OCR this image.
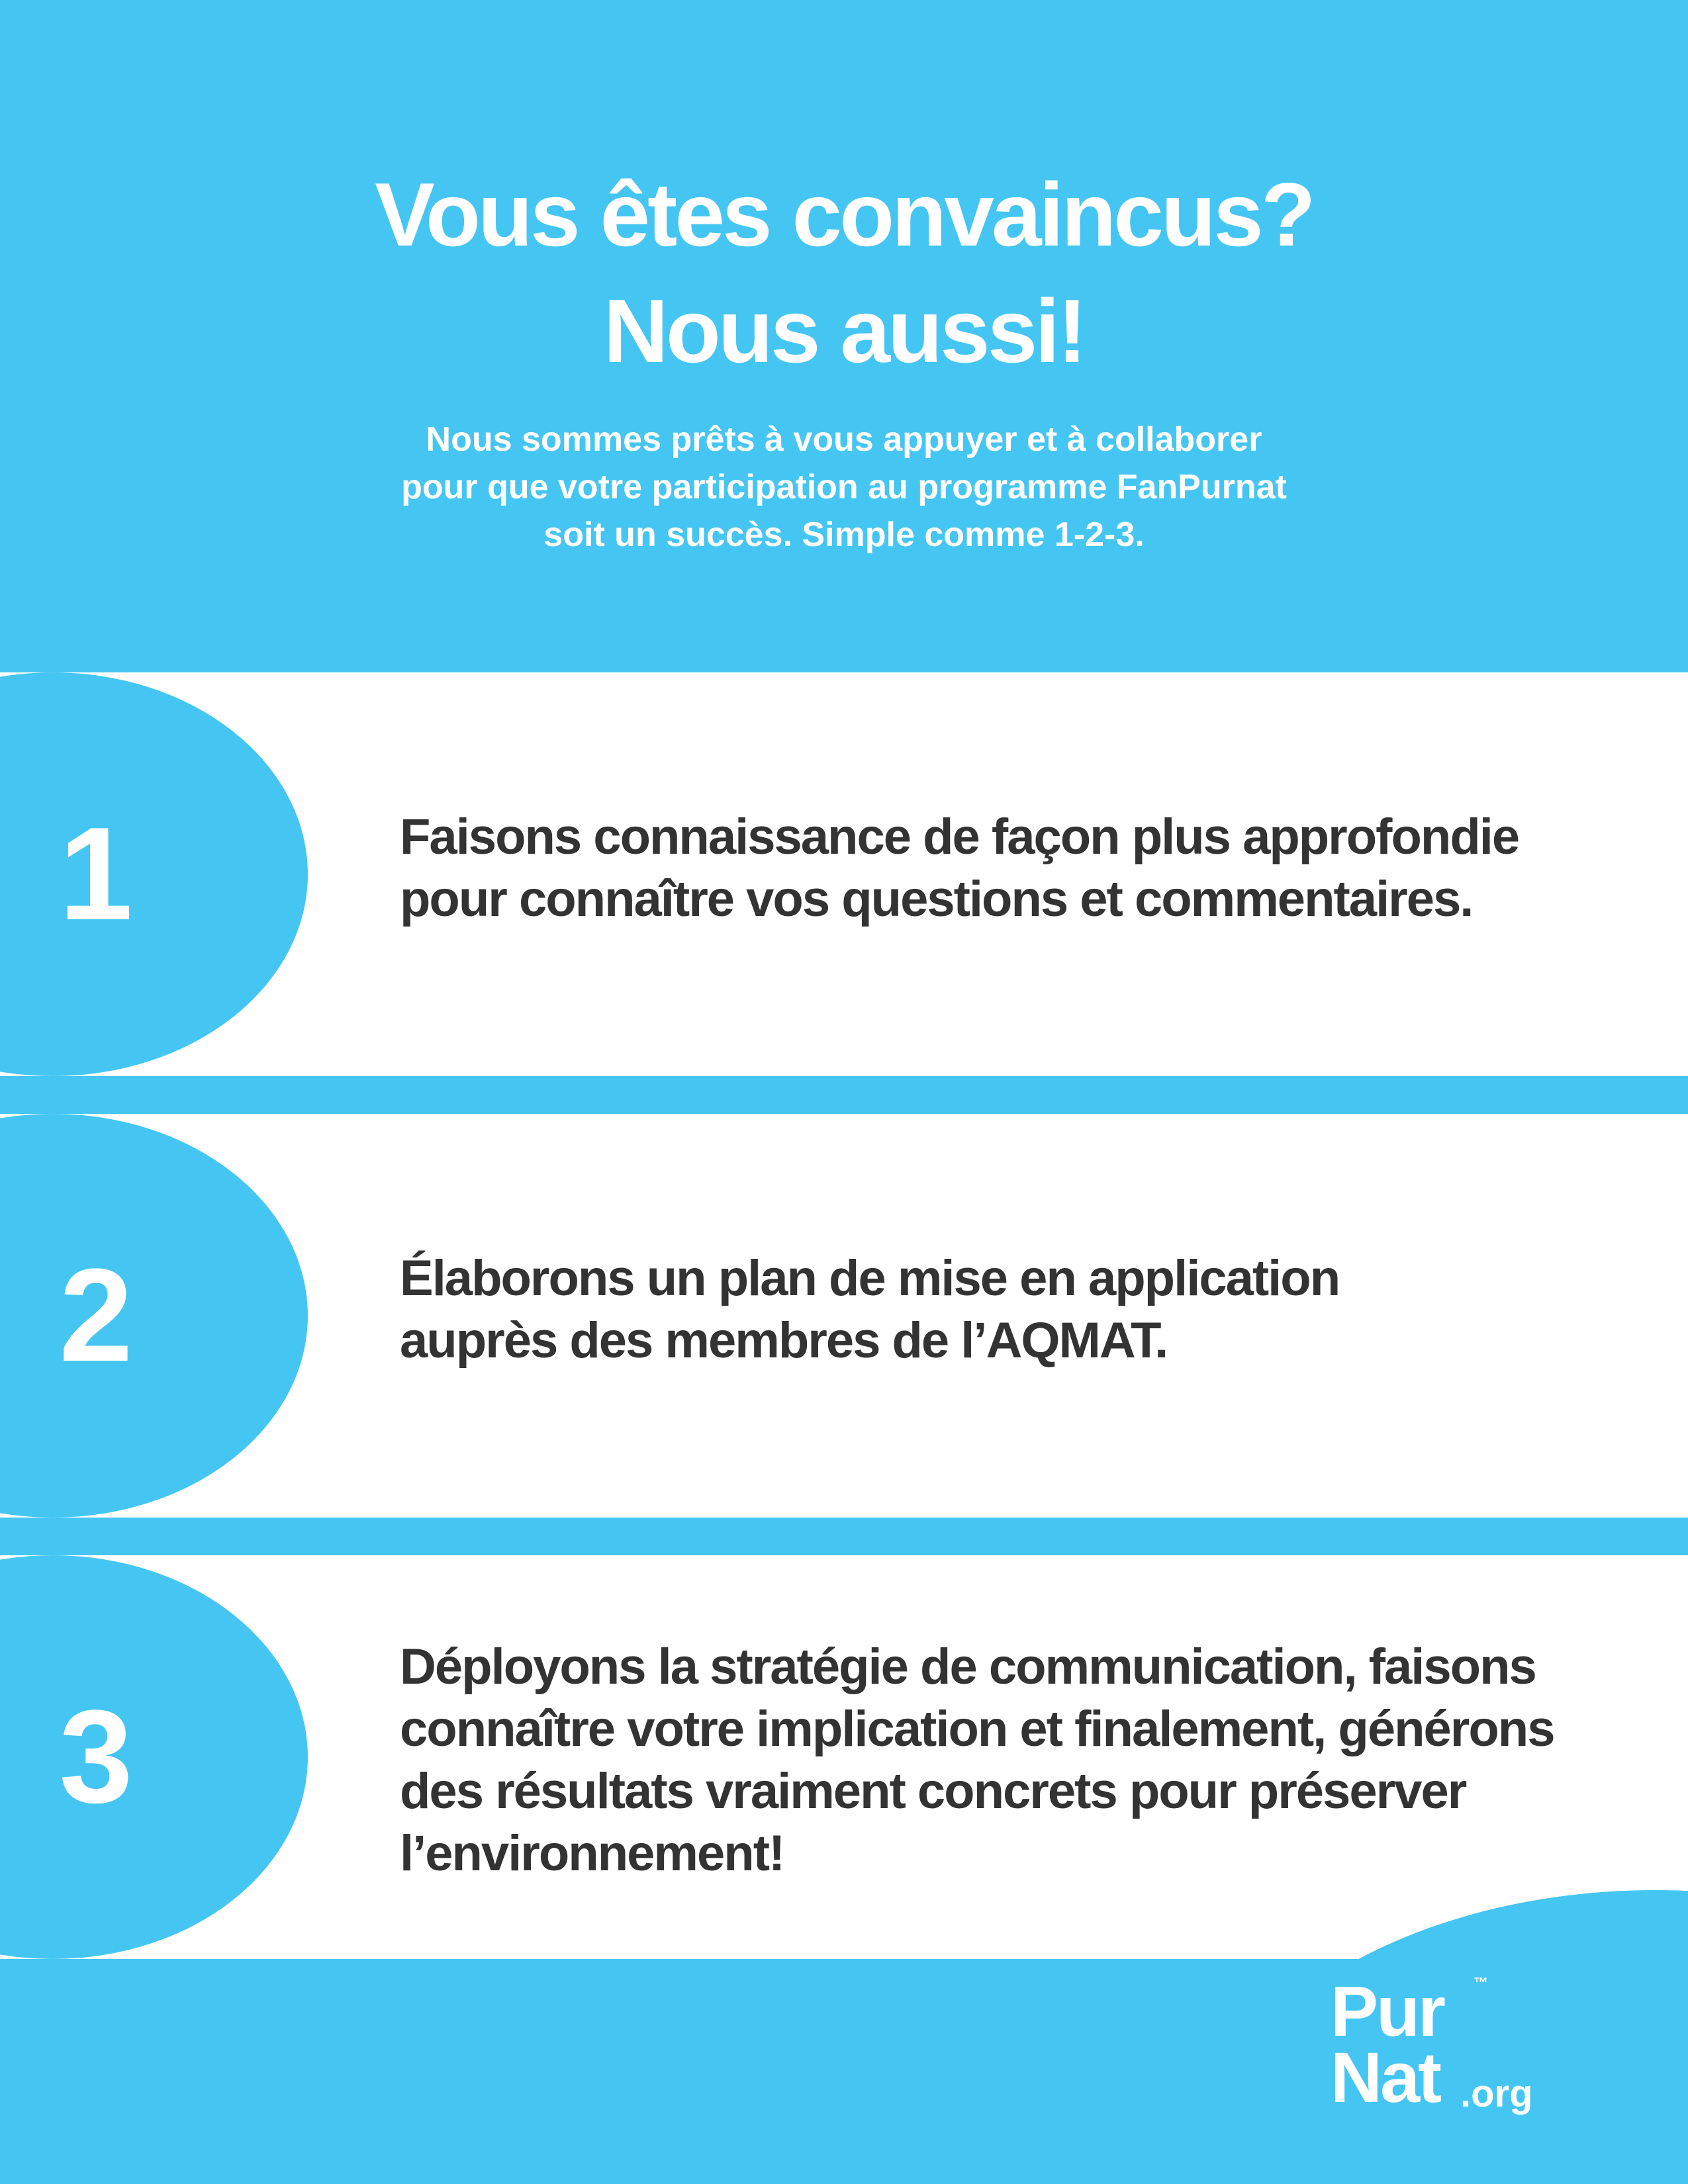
Vous êtes convaincus?
Nous aussi!

Nous sommes prêts à vous appuyer et à collaborer
pour que votre participation au programme FanPurnat
soit un succès. Simple comme 1-2-3.

1	Faisons connaissance de façon plus approfondie
pour connaître vos questions et commentaires.

2	Élaborons un plan de mise en application
auprès des membres de l’AQMAT.

3

Déployons la stratégie de communication, faisons
connaître votre implication et finalement, générons
des résultats vraiment concrets pour préserver
l’environnement!

Pur ™
Nat .org
